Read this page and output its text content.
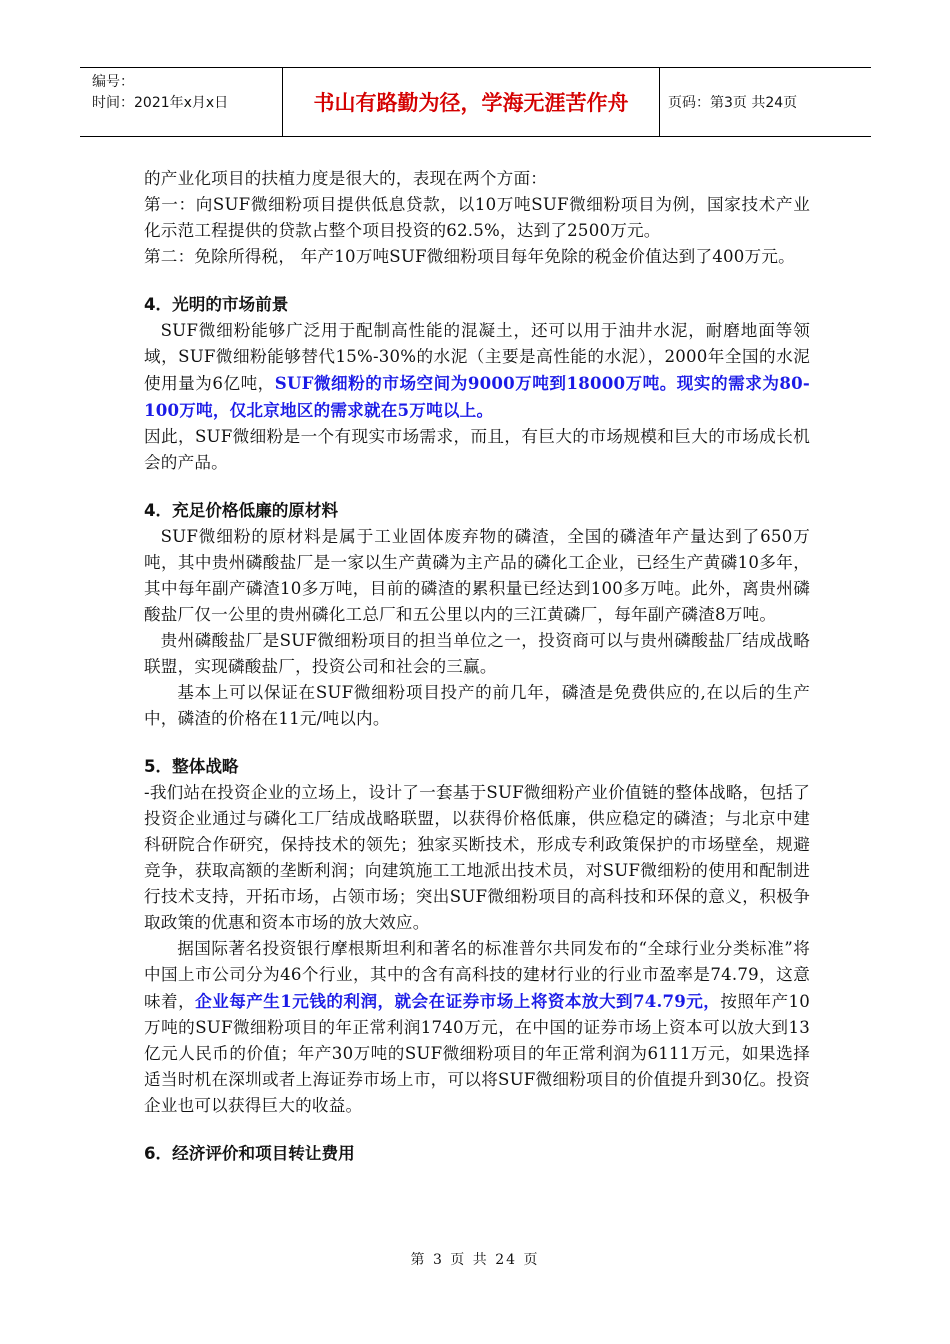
编号：
时间：2021年x月x日	书山有路勤为径，学海无涯苦作舟	页码：第3页 共24页

的产业化项目的扶植力度是很大的，表现在两个方面：

第一：向SUF微细粉项目提供低息贷款，以10万吨SUF微细粉项目为例，国家技术产业化示范工程提供的贷款占整个项目投资的62.5%，达到了2500万元。

第二：免除所得税， 年产10万吨SUF微细粉项目每年免除的税金价值达到了400万元。

4．光明的市场前景

SUF微细粉能够广泛用于配制高性能的混凝土，还可以用于油井水泥，耐磨地面等领域，SUF微细粉能够替代15%-30%的水泥（主要是高性能的水泥），2000年全国的水泥使用量为6亿吨，SUF微细粉的市场空间为9000万吨到18000万吨。现实的需求为80-100万吨，仅北京地区的需求就在5万吨以上。

因此，SUF微细粉是一个有现实市场需求，而且，有巨大的市场规模和巨大的市场成长机会的产品。

4．充足价格低廉的原材料

SUF微细粉的原材料是属于工业固体废弃物的磷渣，全国的磷渣年产量达到了650万吨，其中贵州磷酸盐厂是一家以生产黄磷为主产品的磷化工企业，已经生产黄磷10多年，其中每年副产磷渣10多万吨，目前的磷渣的累积量已经达到100多万吨。此外，离贵州磷酸盐厂仅一公里的贵州磷化工总厂和五公里以内的三江黄磷厂，每年副产磷渣8万吨。

贵州磷酸盐厂是SUF微细粉项目的担当单位之一，投资商可以与贵州磷酸盐厂结成战略联盟，实现磷酸盐厂，投资公司和社会的三赢。

基本上可以保证在SUF微细粉项目投产的前几年，磷渣是免费供应的,在以后的生产中，磷渣的价格在11元/吨以内。

5．整体战略

-我们站在投资企业的立场上，设计了一套基于SUF微细粉产业价值链的整体战略，包括了投资企业通过与磷化工厂结成战略联盟，以获得价格低廉，供应稳定的磷渣；与北京中建科研院合作研究，保持技术的领先；独家买断技术，形成专利政策保护的市场壁垒，规避竞争，获取高额的垄断利润；向建筑施工工地派出技术员，对SUF微细粉的使用和配制进行技术支持，开拓市场，占领市场；突出SUF微细粉项目的高科技和环保的意义，积极争取政策的优惠和资本市场的放大效应。

据国际著名投资银行摩根斯坦利和著名的标准普尔共同发布的“全球行业分类标准”将中国上市公司分为46个行业，其中的含有高科技的建材行业的行业市盈率是74.79，这意味着，企业每产生1元钱的利润，就会在证券市场上将资本放大到74.79元，按照年产10万吨的SUF微细粉项目的年正常利润1740万元，在中国的证券市场上资本可以放大到13亿元人民币的价值；年产30万吨的SUF微细粉项目的年正常利润为6111万元，如果选择适当时机在深圳或者上海证券市场上市，可以将SUF微细粉项目的价值提升到30亿。投资企业也可以获得巨大的收益。

6．经济评价和项目转让费用
第 3 页 共 24 页
